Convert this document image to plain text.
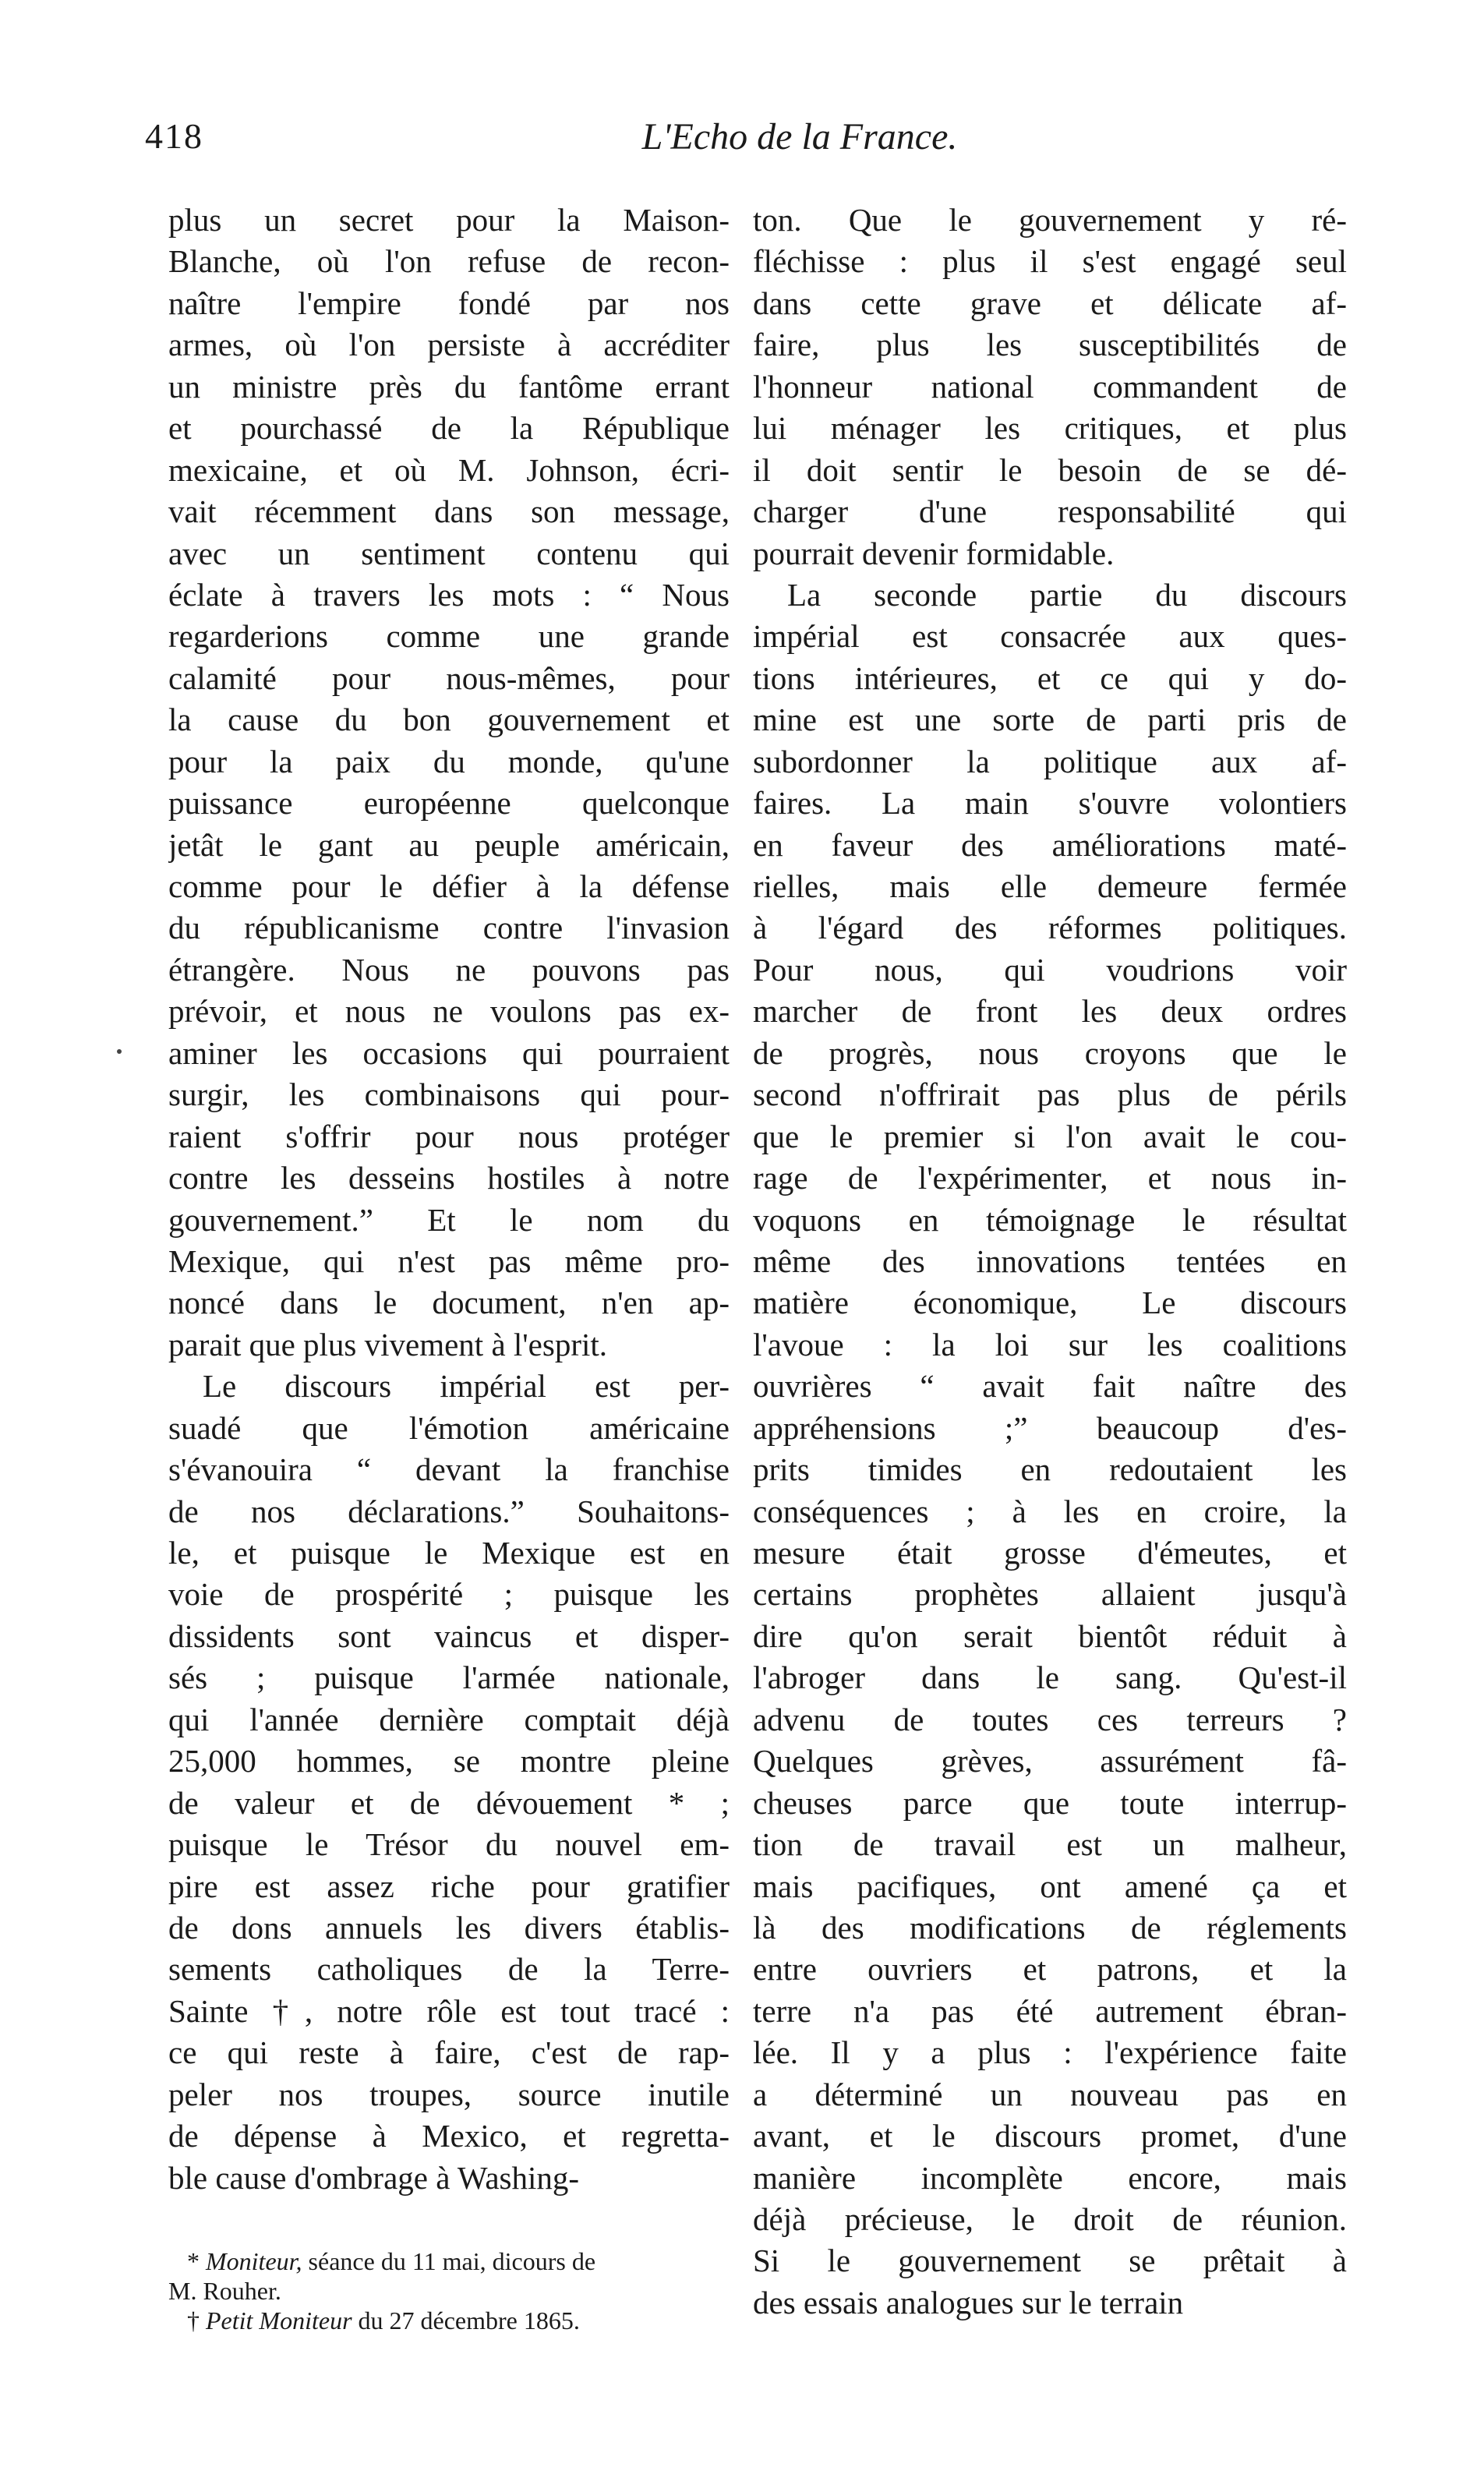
418	L'Echo de la France.
plus un secret pour la Maison-
Blanche, où l'on refuse de recon-
naître l'empire fondé par nos
armes, où l'on persiste à accréditer
un ministre près du fantôme errant
et pourchassé de la République
mexicaine, et où M. Johnson, écri-
vait récemment dans son message,
avec un sentiment contenu qui
éclate à travers les mots : “ Nous
regarderions comme une grande
calamité pour nous-mêmes, pour
la cause du bon gouvernement et
pour la paix du monde, qu'une
puissance européenne quelconque
jetât le gant au peuple américain,
comme pour le défier à la défense
du républicanisme contre l'invasion
étrangère. Nous ne pouvons pas
prévoir, et nous ne voulons pas ex-
aminer les occasions qui pourraient
surgir, les combinaisons qui pour-
raient s'offrir pour nous protéger
contre les desseins hostiles à notre
gouvernement.” Et le nom du
Mexique, qui n'est pas même pro-
noncé dans le document, n'en ap-
parait que plus vivement à l'esprit.
Le discours impérial est per-
suadé que l'émotion américaine
s'évanouira “ devant la franchise
de nos déclarations.” Souhaitons-
le, et puisque le Mexique est en
voie de prospérité ; puisque les
dissidents sont vaincus et disper-
sés ; puisque l'armée nationale,
qui l'année dernière comptait déjà
25,000 hommes, se montre pleine
de valeur et de dévouement * ;
puisque le Trésor du nouvel em-
pire est assez riche pour gratifier
de dons annuels les divers établis-
sements catholiques de la Terre-
Sainte †, notre rôle est tout tracé :
ce qui reste à faire, c'est de rap-
peler nos troupes, source inutile
de dépense à Mexico, et regretta-
ble cause d'ombrage à Washing-
ton. Que le gouvernement y ré-
fléchisse : plus il s'est engagé seul
dans cette grave et délicate af-
faire, plus les susceptibilités de
l'honneur national commandent de
lui ménager les critiques, et plus
il doit sentir le besoin de se dé-
charger d'une responsabilité qui
pourrait devenir formidable.
La seconde partie du discours
impérial est consacrée aux ques-
tions intérieures, et ce qui y do-
mine est une sorte de parti pris de
subordonner la politique aux af-
faires. La main s'ouvre volontiers
en faveur des améliorations maté-
rielles, mais elle demeure fermée
à l'égard des réformes politiques.
Pour nous, qui voudrions voir
marcher de front les deux ordres
de progrès, nous croyons que le
second n'offrirait pas plus de périls
que le premier si l'on avait le cou-
rage de l'expérimenter, et nous in-
voquons en témoignage le résultat
même des innovations tentées en
matière économique, Le discours
l'avoue : la loi sur les coalitions
ouvrières “ avait fait naître des
appréhensions ;” beaucoup d'es-
prits timides en redoutaient les
conséquences ; à les en croire, la
mesure était grosse d'émeutes, et
certains prophètes allaient jusqu'à
dire qu'on serait bientôt réduit à
l'abroger dans le sang. Qu'est-il
advenu de toutes ces terreurs ?
Quelques grèves, assurément fâ-
cheuses parce que toute interrup-
tion de travail est un malheur,
mais pacifiques, ont amené ça et
là des modifications de réglements
entre ouvriers et patrons, et la
terre n'a pas été autrement ébran-
lée. Il y a plus : l'expérience faite
a déterminé un nouveau pas en
avant, et le discours promet, d'une
manière incomplète encore, mais
déjà précieuse, le droit de réunion.
Si le gouvernement se prêtait à
des essais analogues sur le terrain
* Moniteur, séance du 11 mai, dicours de
M. Rouher.
† Petit Moniteur du 27 décembre 1865.
